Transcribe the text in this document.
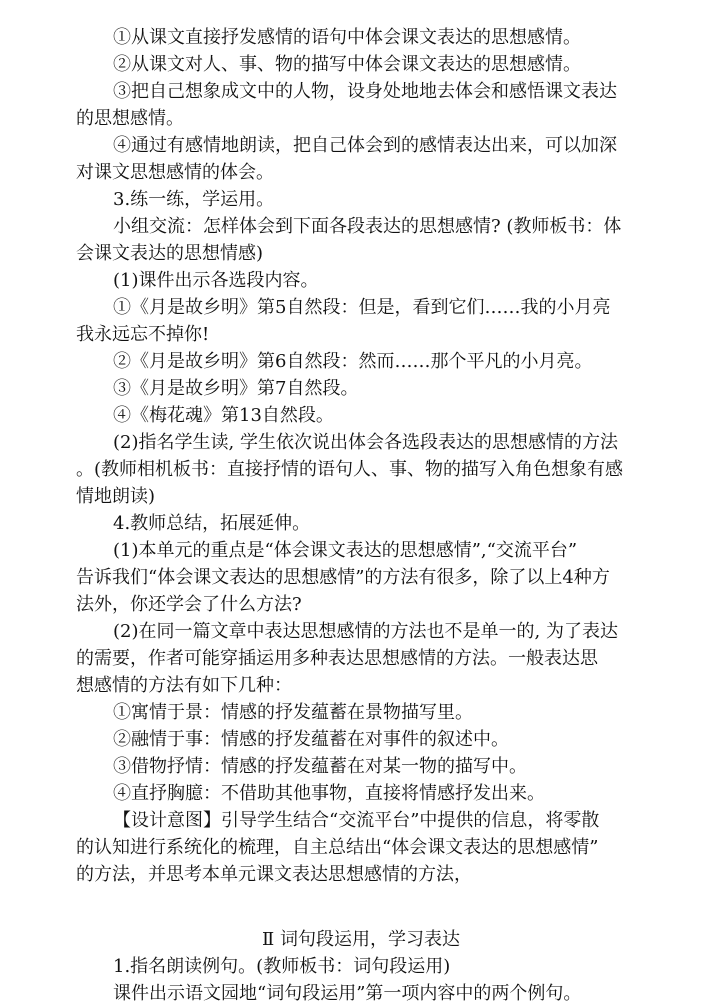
①从课文直接抒发感情的语句中体会课文表达的思想感情。
②从课文对人、事、物的描写中体会课文表达的思想感情。
③把自己想象成文中的人物，设身处地地去体会和感悟课文表达
的思想感情。
④通过有感情地朗读，把自己体会到的感情表达出来，可以加深
对课文思想感情的体会。
3.练一练，学运用。
小组交流：怎样体会到下面各段表达的思想感情? (教师板书：体
会课文表达的思想情感)
(1)课件出示各选段内容。
①《月是故乡明》第5自然段：但是，看到它们……我的小月亮
我永远忘不掉你!
②《月是故乡明》第6自然段：然而……那个平凡的小月亮。
③《月是故乡明》第7自然段。
④《梅花魂》第13自然段。
(2)指名学生读, 学生依次说出体会各选段表达的思想感情的方法
。(教师相机板书：直接抒情的语句人、事、物的描写入角色想象有感
情地朗读)
4.教师总结，拓展延伸。
(1)本单元的重点是“体会课文表达的思想感情”,“交流平台”
告诉我们“体会课文表达的思想感情”的方法有很多，除了以上4种方
法外，你还学会了什么方法?
(2)在同一篇文章中表达思想感情的方法也不是单一的, 为了表达
的需要，作者可能穿插运用多种表达思想感情的方法。一般表达思
想感情的方法有如下几种：
①寓情于景：情感的抒发蕴蓄在景物描写里。
②融情于事：情感的抒发蕴蓄在对事件的叙述中。
③借物抒情：情感的抒发蕴蓄在对某一物的描写中。
④直抒胸臆：不借助其他事物，直接将情感抒发出来。
【设计意图】引导学生结合“交流平台”中提供的信息，将零散
的认知进行系统化的梳理，自主总结出“体会课文表达的思想感情”
的方法，并思考本单元课文表达思想感情的方法，
Ⅱ 词句段运用，学习表达
1.指名朗读例句。(教师板书：词句段运用)
课件出示语文园地“词句段运用”第一项内容中的两个例句。
